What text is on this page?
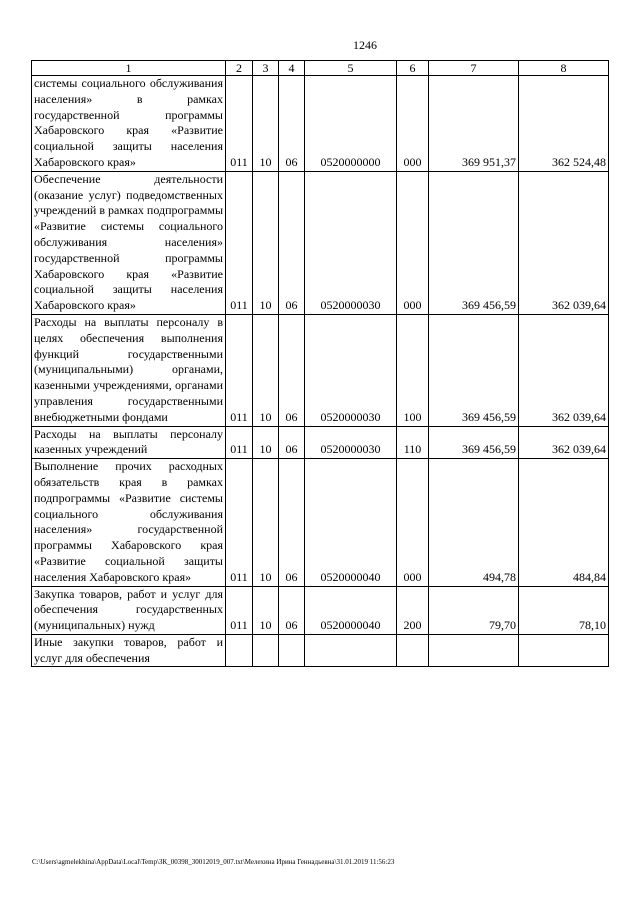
1246
1	2	3	4	5	6	7	8
системы социального обслуживания населения» в рамках государственной программы Хабаровского края «Развитие социальной защиты населения Хабаровского края»	011	10	06	0520000000	000	369 951,37	362 524,48
Обеспечение деятельности (оказание услуг) подведомственных учреждений в рамках подпрограммы «Развитие системы социального обслуживания населения» государственной программы Хабаровского края «Развитие социальной защиты населения Хабаровского края»	011	10	06	0520000030	000	369 456,59	362 039,64
Расходы на выплаты персоналу в целях обеспечения выполнения функций государственными (муниципальными) органами, казенными учреждениями, органами управления государственными внебюджетными фондами	011	10	06	0520000030	100	369 456,59	362 039,64
Расходы на выплаты персоналу казенных учреждений	011	10	06	0520000030	110	369 456,59	362 039,64
Выполнение прочих расходных обязательств края в рамках подпрограммы «Развитие системы социального обслуживания населения» государственной программы Хабаровского края «Развитие социальной защиты населения Хабаровского края»	011	10	06	0520000040	000	494,78	484,84
Закупка товаров, работ и услуг для обеспечения государственных (муниципальных) нужд	011	10	06	0520000040	200	79,70	78,10
Иные закупки товаров, работ и услуг для обеспечения							
C:\Users\agmelekhina\AppData\Local\Temp\ЗК_00398_30012019_007.txt\Мелехина Ирина Геннадьевна\31.01.2019 11:56:23
